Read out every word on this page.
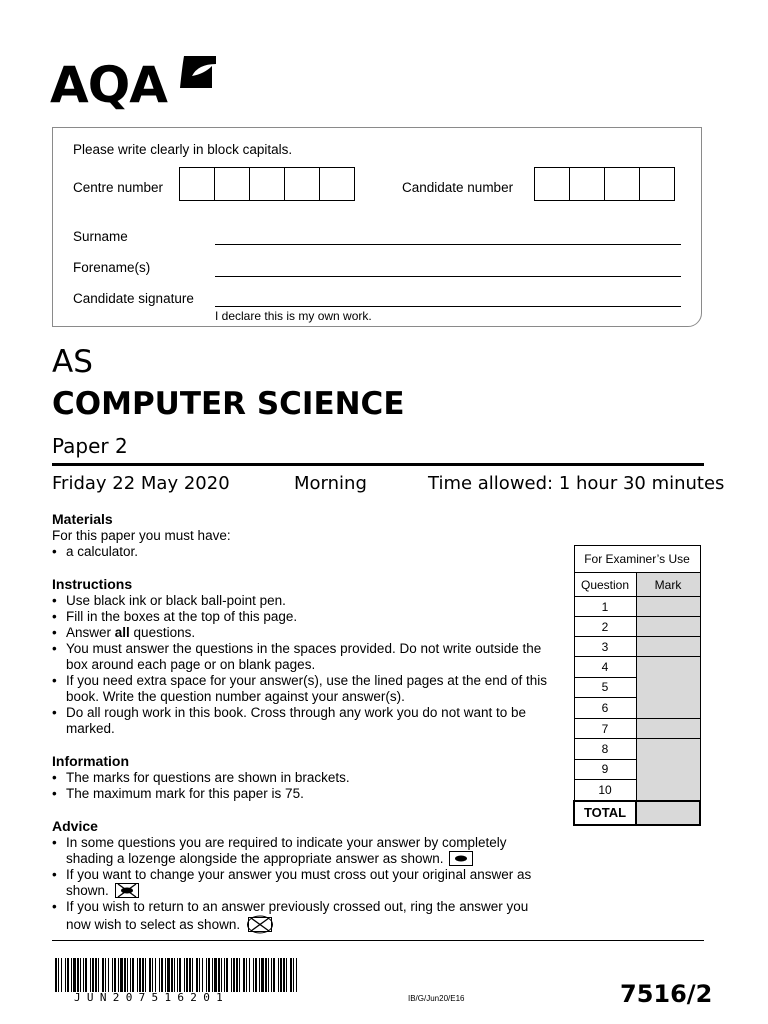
AQA
Please write clearly in block capitals.
Centre number	Candidate number
Surname
Forename(s)
Candidate signature
I declare this is my own work.
AS
COMPUTER SCIENCE
Paper 2
Friday 22 May 2020	Morning	Time allowed: 1 hour 30 minutes
Materials
For this paper you must have:
• a calculator.
Instructions
• Use black ink or black ball-point pen.
• Fill in the boxes at the top of this page.
• Answer all questions.
• You must answer the questions in the spaces provided. Do not write outside the box around each page or on blank pages.
• If you need extra space for your answer(s), use the lined pages at the end of this book. Write the question number against your answer(s).
• Do all rough work in this book. Cross through any work you do not want to be marked.
Information
• The marks for questions are shown in brackets.
• The maximum mark for this paper is 75.
Advice
• In some questions you are required to indicate your answer by completely shading a lozenge alongside the appropriate answer as shown.
• If you want to change your answer you must cross out your original answer as shown.
• If you wish to return to an answer previously crossed out, ring the answer you now wish to select as shown.
For Examiner’s Use	
Question	Mark
1	
2	
3	
4	
5	
6	
7	
8	
9	
10	
TOTAL	
JUN207516201	IB/G/Jun20/E16	7516/2
